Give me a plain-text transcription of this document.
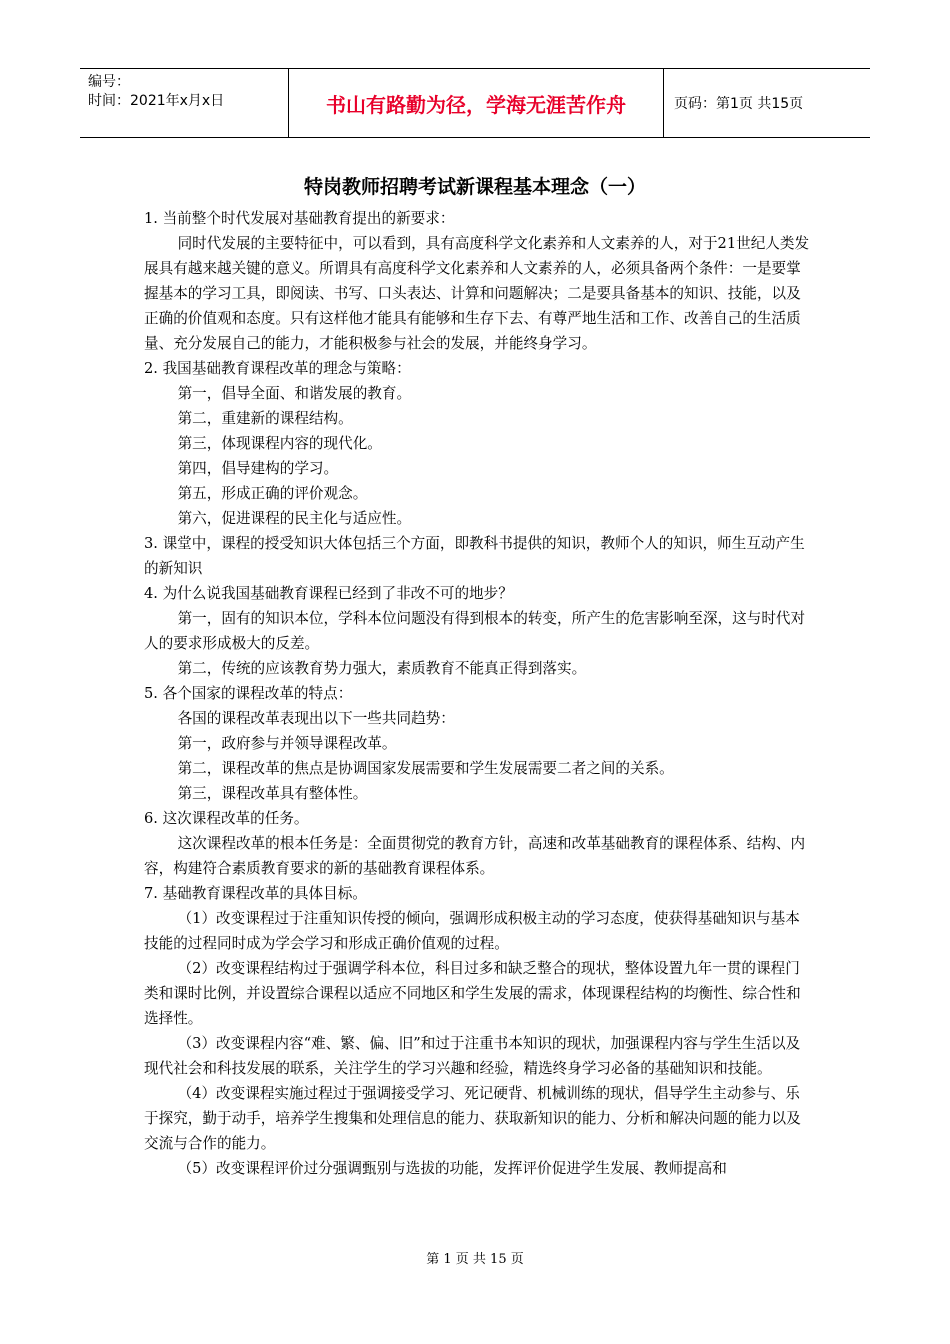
编号：
时间：2021年x月x日	书山有路勤为径，学海无涯苦作舟	页码：第1页 共15页
特岗教师招聘考试新课程基本理念（一）

1. 当前整个时代发展对基础教育提出的新要求：

同时代发展的主要特征中，可以看到，具有高度科学文化素养和人文素养的人，对于21世纪人类发展具有越来越关键的意义。所谓具有高度科学文化素养和人文素养的人，必须具备两个条件：一是要掌握基本的学习工具，即阅读、书写、口头表达、计算和问题解决；二是要具备基本的知识、技能，以及正确的价值观和态度。只有这样他才能具有能够和生存下去、有尊严地生活和工作、改善自己的生活质量、充分发展自己的能力，才能积极参与社会的发展，并能终身学习。

2. 我国基础教育课程改革的理念与策略：

第一，倡导全面、和谐发展的教育。

第二，重建新的课程结构。

第三，体现课程内容的现代化。

第四，倡导建构的学习。

第五，形成正确的评价观念。

第六，促进课程的民主化与适应性。

3. 课堂中，课程的授受知识大体包括三个方面，即教科书提供的知识，教师个人的知识，师生互动产生的新知识

4. 为什么说我国基础教育课程已经到了非改不可的地步？

第一，固有的知识本位，学科本位问题没有得到根本的转变，所产生的危害影响至深，这与时代对人的要求形成极大的反差。

第二，传统的应该教育势力强大，素质教育不能真正得到落实。

5. 各个国家的课程改革的特点：

各国的课程改革表现出以下一些共同趋势：

第一，政府参与并领导课程改革。

第二，课程改革的焦点是协调国家发展需要和学生发展需要二者之间的关系。

第三，课程改革具有整体性。

6. 这次课程改革的任务。

这次课程改革的根本任务是：全面贯彻党的教育方针，高速和改革基础教育的课程体系、结构、内容，构建符合素质教育要求的新的基础教育课程体系。

7. 基础教育课程改革的具体目标。

（1）改变课程过于注重知识传授的倾向，强调形成积极主动的学习态度，使获得基础知识与基本技能的过程同时成为学会学习和形成正确价值观的过程。

（2）改变课程结构过于强调学科本位，科目过多和缺乏整合的现状，整体设置九年一贯的课程门类和课时比例，并设置综合课程以适应不同地区和学生发展的需求，体现课程结构的均衡性、综合性和选择性。

（3）改变课程内容“难、繁、偏、旧”和过于注重书本知识的现状，加强课程内容与学生生活以及现代社会和科技发展的联系，关注学生的学习兴趣和经验，精选终身学习必备的基础知识和技能。

（4）改变课程实施过程过于强调接受学习、死记硬背、机械训练的现状，倡导学生主动参与、乐于探究，勤于动手，培养学生搜集和处理信息的能力、获取新知识的能力、分析和解决问题的能力以及交流与合作的能力。

（5）改变课程评价过分强调甄别与选拔的功能，发挥评价促进学生发展、教师提高和

第 1 页 共 15 页
